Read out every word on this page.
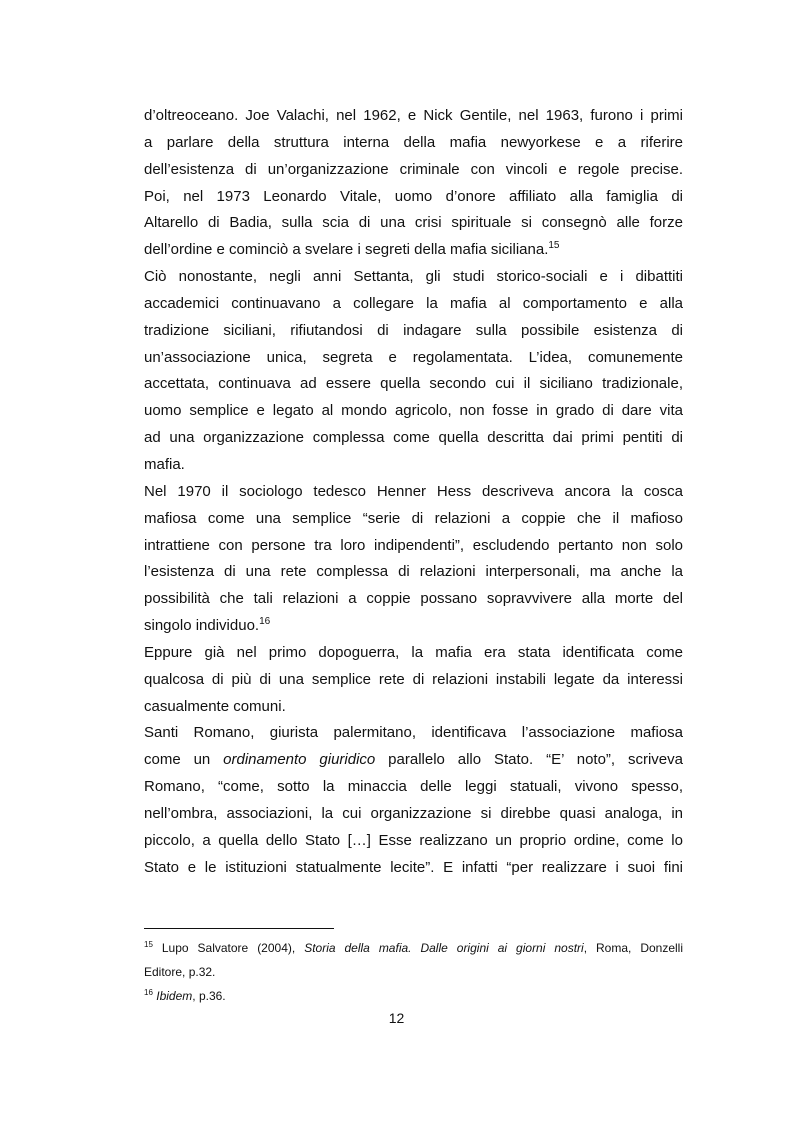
d’oltreoceano. Joe Valachi, nel 1962, e Nick Gentile, nel 1963, furono i primi
a parlare della struttura interna della mafia newyorkese e a riferire
dell’esistenza di un’organizzazione criminale con vincoli e regole precise.
Poi, nel 1973 Leonardo Vitale, uomo d’onore affiliato alla famiglia di
Altarello di Badia, sulla scia di una crisi spirituale si consegnò alle forze
dell’ordine e cominciò a svelare i segreti della mafia siciliana.$^{15}$

Ciò nonostante, negli anni Settanta, gli studi storico-sociali e i dibattiti
accademici continuavano a collegare la mafia al comportamento e alla
tradizione siciliani, rifiutandosi di indagare sulla possibile esistenza di
un’associazione unica, segreta e regolamentata. L’idea, comunemente
accettata, continuava ad essere quella secondo cui il siciliano tradizionale,
uomo semplice e legato al mondo agricolo, non fosse in grado di dare vita
ad una organizzazione complessa come quella descritta dai primi pentiti di
mafia.

Nel 1970 il sociologo tedesco Henner Hess descriveva ancora la cosca
mafiosa come una semplice “serie di relazioni a coppie che il mafioso
intrattiene con persone tra loro indipendenti”, escludendo pertanto non solo
l’esistenza di una rete complessa di relazioni interpersonali, ma anche la
possibilità che tali relazioni a coppie possano sopravvivere alla morte del
singolo individuo.$^{16}$

Eppure già nel primo dopoguerra, la mafia era stata identificata come
qualcosa di più di una semplice rete di relazioni instabili legate da interessi
casualmente comuni.

Santi Romano, giurista palermitano, identificava l’associazione mafiosa
come un ordinamento giuridico parallelo allo Stato. “E’ noto”, scriveva
Romano, “come, sotto la minaccia delle leggi statuali, vivono spesso,
nell’ombra, associazioni, la cui organizzazione si direbbe quasi analoga, in
piccolo, a quella dello Stato […] Esse realizzano un proprio ordine, come lo
Stato e le istituzioni statualmente lecite”. E infatti “per realizzare i suoi fini

$^{15}$ Lupo Salvatore (2004), Storia della mafia. Dalle origini ai giorni nostri, Roma, Donzelli
Editore, p.32.

$^{16}$ Ibidem, p.36.

12
